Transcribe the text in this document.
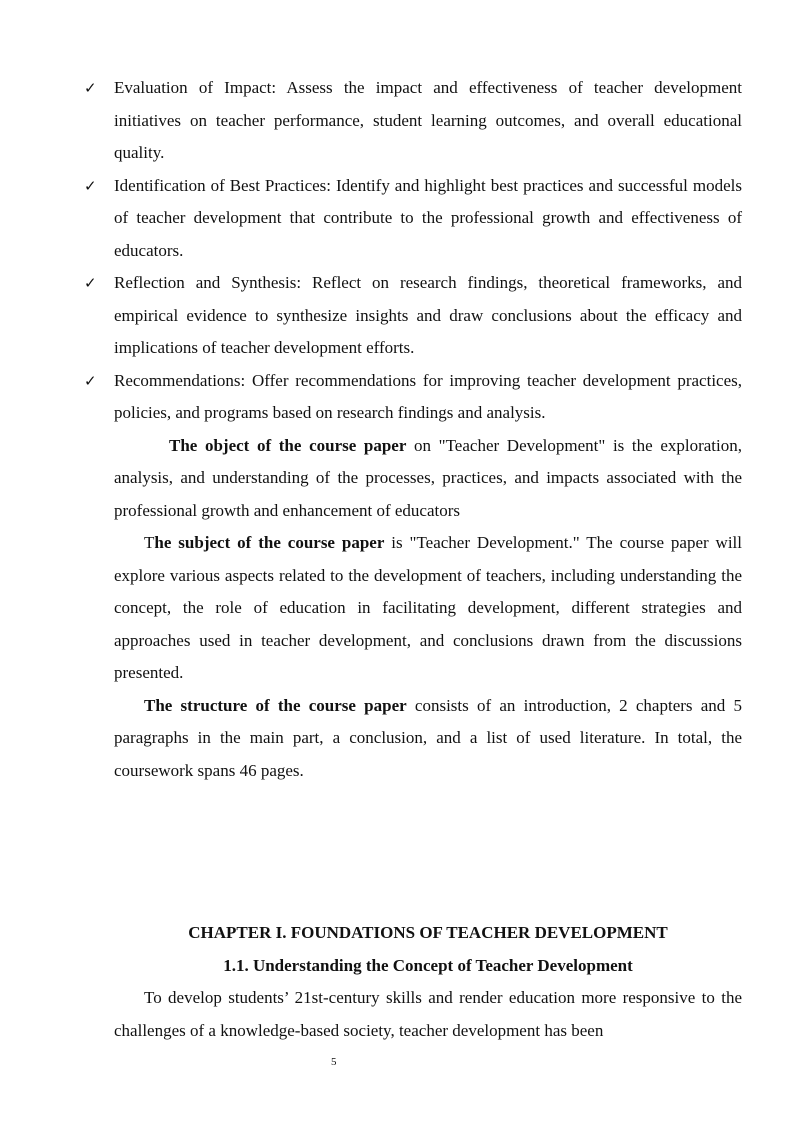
✓ Evaluation of Impact: Assess the impact and effectiveness of teacher development initiatives on teacher performance, student learning outcomes, and overall educational quality.
✓ Identification of Best Practices: Identify and highlight best practices and successful models of teacher development that contribute to the professional growth and effectiveness of educators.
✓ Reflection and Synthesis: Reflect on research findings, theoretical frameworks, and empirical evidence to synthesize insights and draw conclusions about the efficacy and implications of teacher development efforts.
✓ Recommendations: Offer recommendations for improving teacher development practices, policies, and programs based on research findings and analysis.

The object of the course paper on "Teacher Development" is the exploration, analysis, and understanding of the processes, practices, and impacts associated with the professional growth and enhancement of educators

The subject of the course paper is "Teacher Development." The course paper will explore various aspects related to the development of teachers, including understanding the concept, the role of education in facilitating development, different strategies and approaches used in teacher development, and conclusions drawn from the discussions presented.

The structure of the course paper consists of an introduction, 2 chapters and 5 paragraphs in the main part, a conclusion, and a list of used literature. In total, the coursework spans 46 pages.

CHAPTER I. FOUNDATIONS OF TEACHER DEVELOPMENT
1.1. Understanding the Concept of Teacher Development

To develop students’ 21st-century skills and render education more responsive to the challenges of a knowledge-based society, teacher development has been

5
